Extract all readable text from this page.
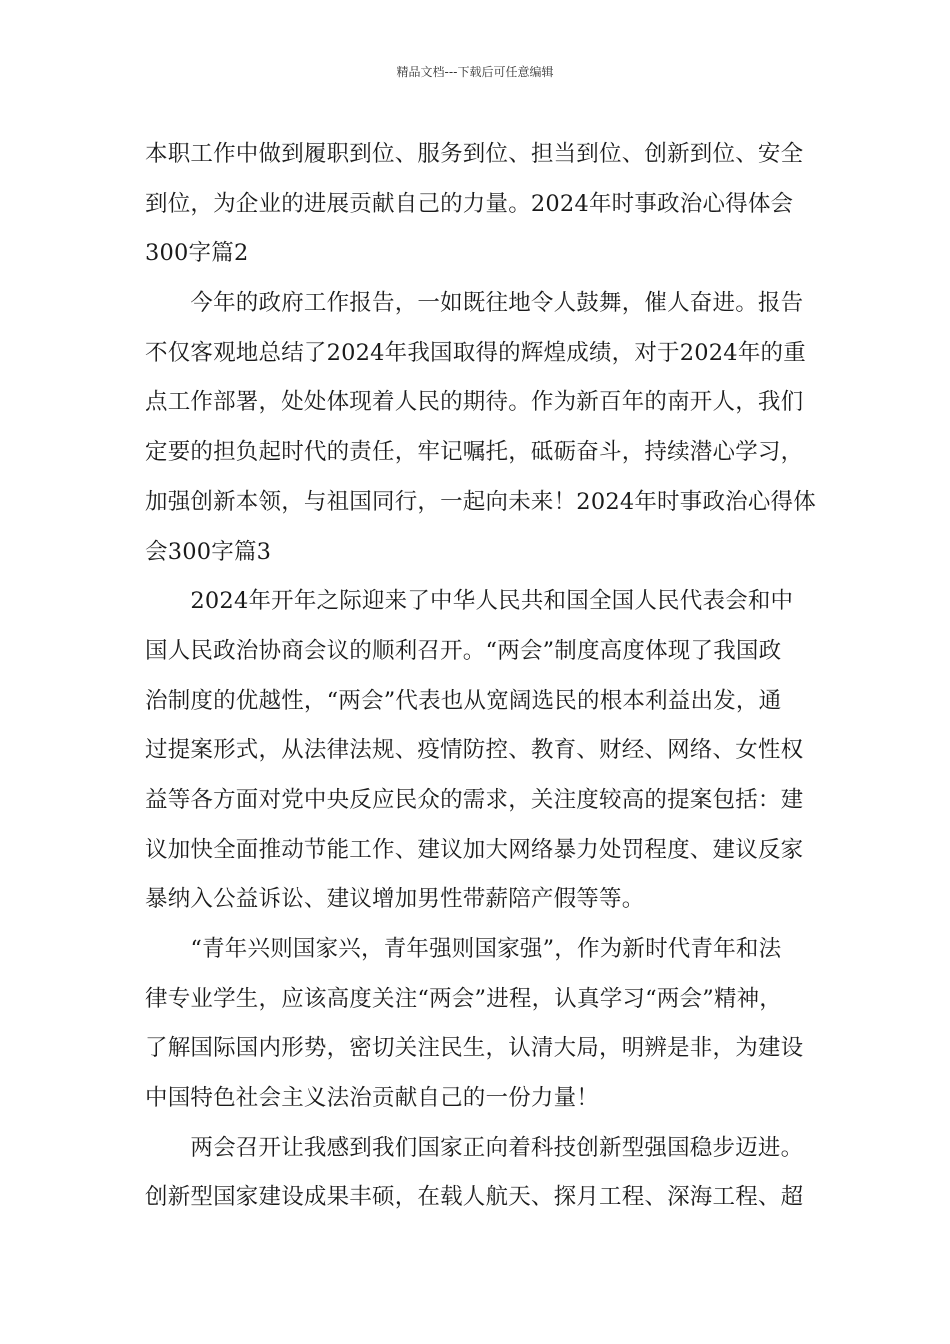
精品文档---下载后可任意编辑
本职工作中做到履职到位、服务到位、担当到位、创新到位、安全
到位，为企业的进展贡献自己的力量。2024年时事政治心得体会
300字篇2
　　今年的政府工作报告，一如既往地令人鼓舞，催人奋进。报告
不仅客观地总结了2024年我国取得的辉煌成绩，对于2024年的重
点工作部署，处处体现着人民的期待。作为新百年的南开人，我们
定要的担负起时代的责任，牢记嘱托，砥砺奋斗，持续潜心学习，
加强创新本领，与祖国同行，一起向未来！2024年时事政治心得体
会300字篇3
　　2024年开年之际迎来了中华人民共和国全国人民代表会和中
国人民政治协商会议的顺利召开。“两会”制度高度体现了我国政
治制度的优越性，“两会”代表也从宽阔选民的根本利益出发，通
过提案形式，从法律法规、疫情防控、教育、财经、网络、女性权
益等各方面对党中央反应民众的需求，关注度较高的提案包括：建
议加快全面推动节能工作、建议加大网络暴力处罚程度、建议反家
暴纳入公益诉讼、建议增加男性带薪陪产假等等。
　　“青年兴则国家兴，青年强则国家强”，作为新时代青年和法
律专业学生，应该高度关注“两会”进程，认真学习“两会”精神，
了解国际国内形势，密切关注民生，认清大局，明辨是非，为建设
中国特色社会主义法治贡献自己的一份力量！
　　两会召开让我感到我们国家正向着科技创新型强国稳步迈进。
创新型国家建设成果丰硕，在载人航天、探月工程、深海工程、超
